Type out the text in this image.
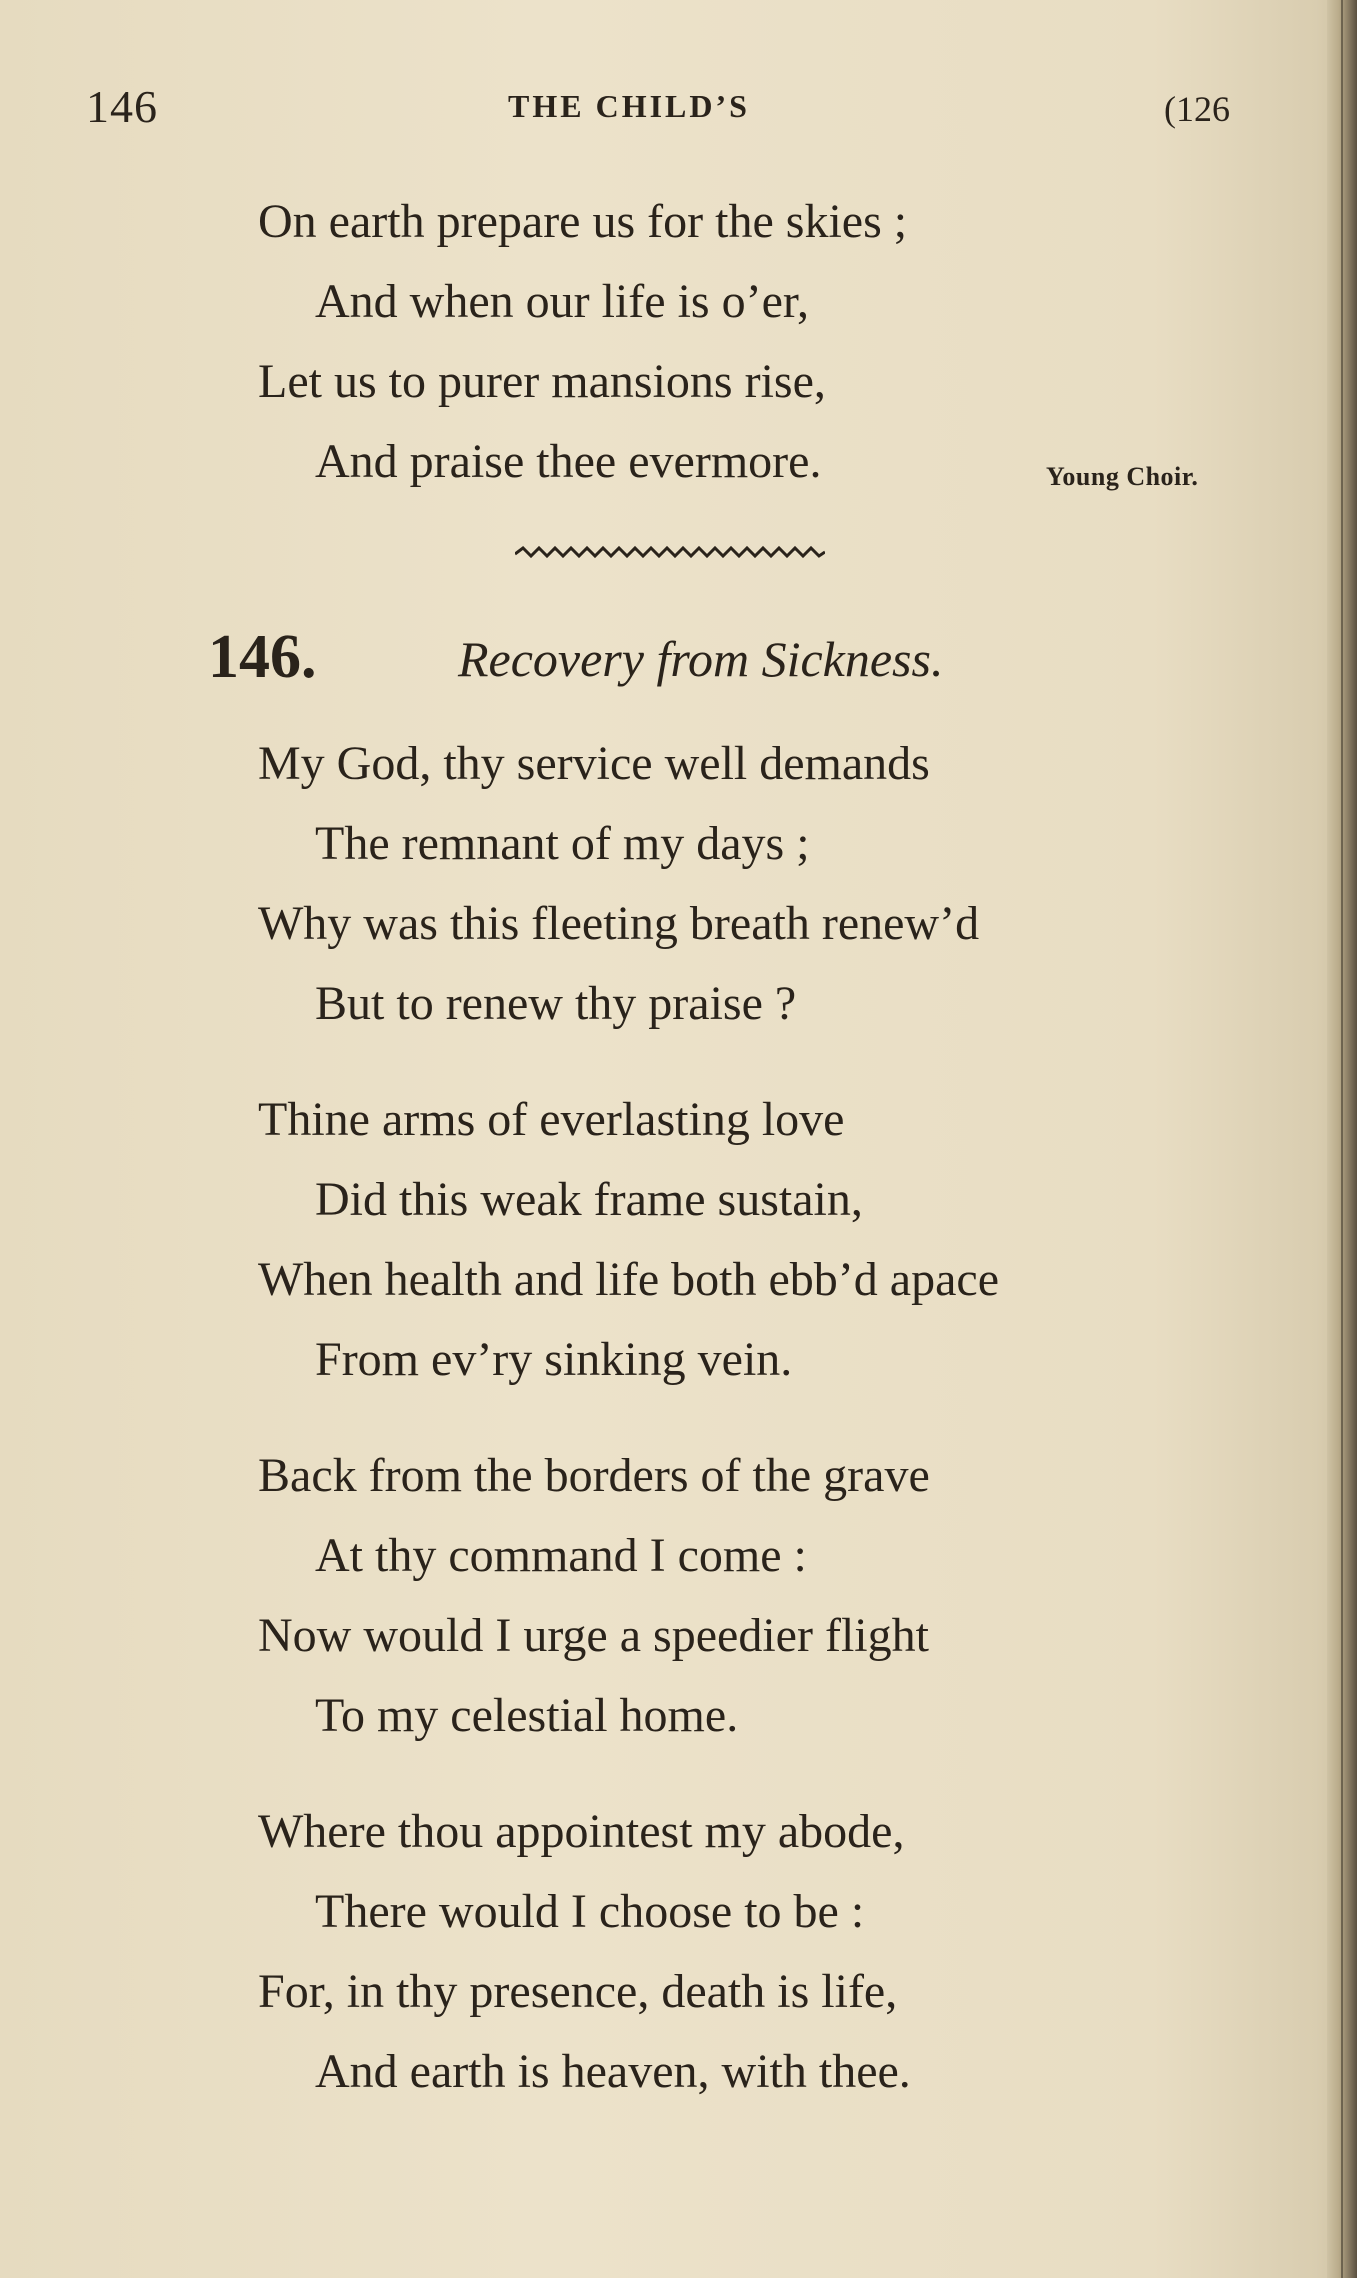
146	THE CHILD’S	(126
On earth prepare us for the skies ;
And when our life is o’er,
Let us to purer mansions rise,
And praise thee evermore.	Young Choir.
146.	Recovery from Sickness.
My God, thy service well demands
The remnant of my days ;
Why was this fleeting breath renew’d
But to renew thy praise ?
Thine arms of everlasting love
Did this weak frame sustain,
When health and life both ebb’d apace
From ev’ry sinking vein.
Back from the borders of the grave
At thy command I come :
Now would I urge a speedier flight
To my celestial home.
Where thou appointest my abode,
There would I choose to be :
For, in thy presence, death is life,
And earth is heaven, with thee.
